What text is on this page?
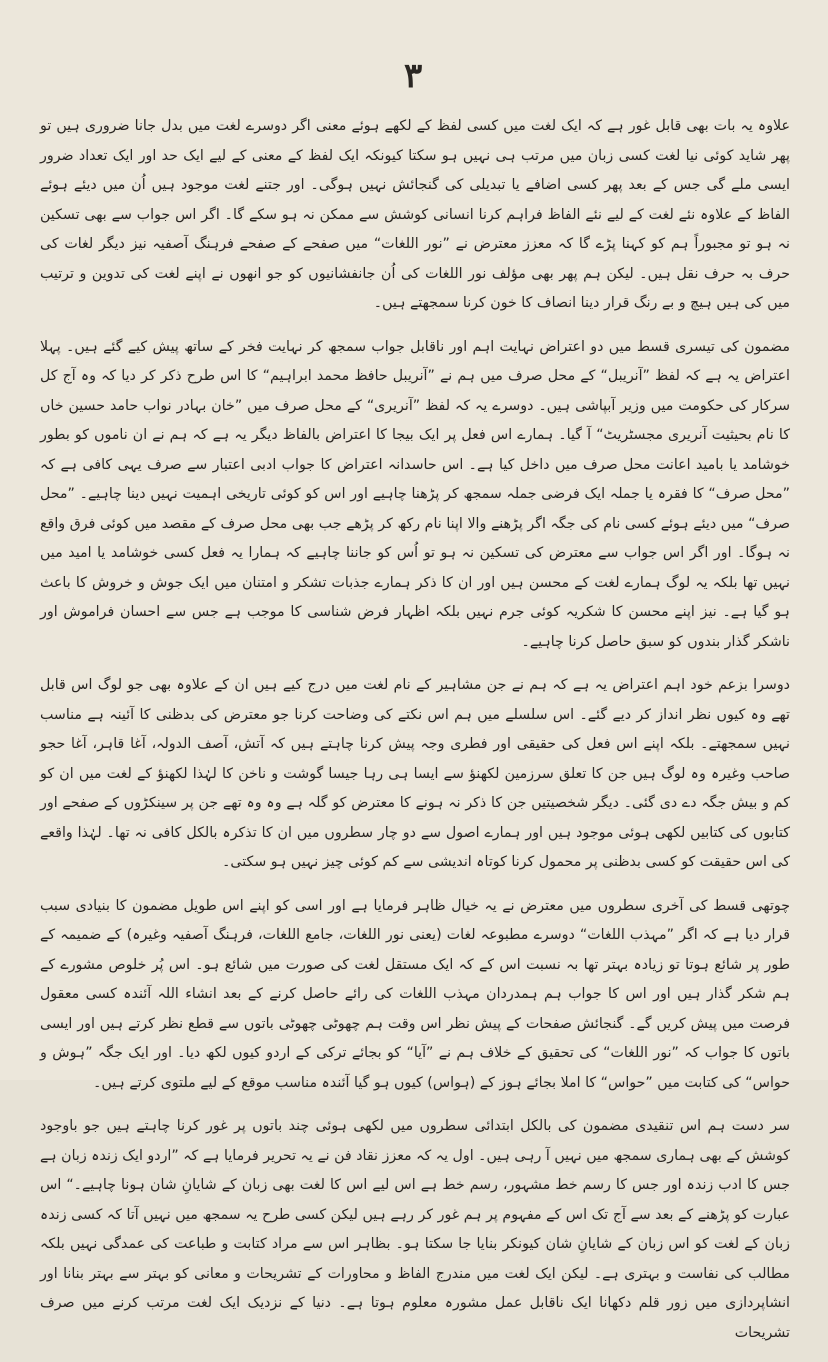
۳

علاوہ یہ بات بھی قابل غور ہے کہ ایک لغت میں کسی لفظ کے لکھے ہوئے معنی اگر دوسرے لغت میں بدل جانا ضروری ہیں تو پھر شاید کوئی نیا لغت کسی زبان میں مرتب ہی نہیں ہو سکتا کیونکہ ایک لفظ کے معنی کے لیے ایک حد اور ایک تعداد ضرور ایسی ملے گی جس کے بعد پھر کسی اضافے یا تبدیلی کی گنجائش نہیں ہوگی۔ اور جتنے لغت موجود ہیں اُن میں دیئے ہوئے الفاظ کے علاوہ نئے لغت کے لیے نئے الفاظ فراہم کرنا انسانی کوشش سے ممکن نہ ہو سکے گا۔ اگر اس جواب سے بھی تسکین نہ ہو تو مجبوراً ہم کو کہنا پڑے گا کہ معزز معترض نے ”نور اللغات“ میں صفحے کے صفحے فرہنگ آصفیہ نیز دیگر لغات کی حرف بہ حرف نقل ہیں۔ لیکن ہم پھر بھی مؤلف نور اللغات کی اُن جانفشانیوں کو جو انھوں نے اپنے لغت کی تدوین و ترتیب میں کی ہیں ہیچ و بے رنگ قرار دینا انصاف کا خون کرنا سمجھتے ہیں۔

مضمون کی تیسری قسط میں دو اعتراض نہایت اہم اور ناقابل جواب سمجھ کر نہایت فخر کے ساتھ پیش کیے گئے ہیں۔ پہلا اعتراض یہ ہے کہ لفظ ”آنریبل“ کے محل صرف میں ہم نے ”آنریبل حافظ محمد ابراہیم“ کا اس طرح ذکر کر دیا کہ وہ آج کل سرکار کی حکومت میں وزیر آبپاشی ہیں۔ دوسرے یہ کہ لفظ ”آنریری“ کے محل صرف میں ”خان بہادر نواب حامد حسین خاں کا نام بحیثیت آنریری مجسٹریٹ“ آ گیا۔ ہمارے اس فعل پر ایک بیجا کا اعتراض بالفاظ دیگر یہ ہے کہ ہم نے ان ناموں کو بطور خوشامد یا بامید اعانت محل صرف میں داخل کیا ہے۔ اس حاسدانہ اعتراض کا جواب ادبی اعتبار سے صرف یہی کافی ہے کہ ”محل صرف“ کا فقرہ یا جملہ ایک فرضی جملہ سمجھ کر پڑھنا چاہیے اور اس کو کوئی تاریخی اہمیت نہیں دینا چاہیے۔ ”محل صرف“ میں دیئے ہوئے کسی نام کی جگہ اگر پڑھنے والا اپنا نام رکھ کر پڑھے جب بھی محل صرف کے مقصد میں کوئی فرق واقع نہ ہوگا۔ اور اگر اس جواب سے معترض کی تسکین نہ ہو تو اُس کو جاننا چاہیے کہ ہمارا یہ فعل کسی خوشامد یا امید میں نہیں تھا بلکہ یہ لوگ ہمارے لغت کے محسن ہیں اور ان کا ذکر ہمارے جذبات تشکر و امتنان میں ایک جوش و خروش کا باعث ہو گیا ہے۔ نیز اپنے محسن کا شکریہ کوئی جرم نہیں بلکہ اظہار فرض شناسی کا موجب ہے جس سے احسان فراموش اور ناشکر گذار بندوں کو سبق حاصل کرنا چاہیے۔

دوسرا بزعم خود اہم اعتراض یہ ہے کہ ہم نے جن مشاہیر کے نام لغت میں درج کیے ہیں ان کے علاوہ بھی جو لوگ اس قابل تھے وہ کیوں نظر انداز کر دیے گئے۔ اس سلسلے میں ہم اس نکتے کی وضاحت کرنا جو معترض کی بدظنی کا آئینہ ہے مناسب نہیں سمجھتے۔ بلکہ اپنے اس فعل کی حقیقی اور فطری وجہ پیش کرنا چاہتے ہیں کہ آتش، آصف الدولہ، آغا قاہر، آغا حجو صاحب وغیرہ وہ لوگ ہیں جن کا تعلق سرزمین لکھنؤ سے ایسا ہی رہا جیسا گوشت و ناخن کا لہٰذا لکھنؤ کے لغت میں ان کو کم و بیش جگہ دے دی گئی۔ دیگر شخصیتیں جن کا ذکر نہ ہونے کا معترض کو گلہ ہے وہ وہ تھے جن پر سینکڑوں کے صفحے اور کتابوں کی کتابیں لکھی ہوئی موجود ہیں اور ہمارے اصول سے دو چار سطروں میں ان کا تذکرہ بالکل کافی نہ تھا۔ لہٰذا واقعے کی اس حقیقت کو کسی بدظنی پر محمول کرنا کوتاہ اندیشی سے کم کوئی چیز نہیں ہو سکتی۔

چوتھی قسط کی آخری سطروں میں معترض نے یہ خیال ظاہر فرمایا ہے اور اسی کو اپنے اس طویل مضمون کا بنیادی سبب قرار دیا ہے کہ اگر ”مہذب اللغات“ دوسرے مطبوعہ لغات (یعنی نور اللغات، جامع اللغات، فرہنگ آصفیہ وغیرہ) کے ضمیمہ کے طور پر شائع ہوتا تو زیادہ بہتر تھا بہ نسبت اس کے کہ ایک مستقل لغت کی صورت میں شائع ہو۔ اس پُر خلوص مشورے کے ہم شکر گذار ہیں اور اس کا جواب ہم ہمدردان مہذب اللغات کی رائے حاصل کرنے کے بعد انشاء اللہ آئندہ کسی معقول فرصت میں پیش کریں گے۔ گنجائش صفحات کے پیش نظر اس وقت ہم چھوٹی چھوٹی باتوں سے قطع نظر کرتے ہیں اور ایسی باتوں کا جواب کہ ”نور اللغات“ کی تحقیق کے خلاف ہم نے ”آیا“ کو بجائے ترکی کے اردو کیوں لکھ دیا۔ اور ایک جگہ ”ہوش و حواس“ کی کتابت میں ”حواس“ کا املا بجائے ہوز کے (ہواس) کیوں ہو گیا آئندہ مناسب موقع کے لیے ملتوی کرتے ہیں۔

سر دست ہم اس تنقیدی مضمون کی بالکل ابتدائی سطروں میں لکھی ہوئی چند باتوں پر غور کرنا چاہتے ہیں جو باوجود کوشش کے بھی ہماری سمجھ میں نہیں آ رہی ہیں۔ اول یہ کہ معزز نقاد فن نے یہ تحریر فرمایا ہے کہ ”اردو ایک زندہ زبان ہے جس کا ادب زندہ اور جس کا رسم خط مشہور، رسم خط ہے اس لیے اس کا لغت بھی زبان کے شایانِ شان ہونا چاہیے۔“ اس عبارت کو پڑھنے کے بعد سے آج تک اس کے مفہوم پر ہم غور کر رہے ہیں لیکن کسی طرح یہ سمجھ میں نہیں آتا کہ کسی زندہ زبان کے لغت کو اس زبان کے شایانِ شان کیونکر بنایا جا سکتا ہو۔ بظاہر اس سے مراد کتابت و طباعت کی عمدگی نہیں بلکہ مطالب کی نفاست و بہتری ہے۔ لیکن ایک لغت میں مندرج الفاظ و محاورات کے تشریحات و معانی کو بہتر سے بہتر بنانا اور انشاپردازی میں زور قلم دکھانا ایک ناقابل عمل مشورہ معلوم ہوتا ہے۔ دنیا کے نزدیک ایک لغت مرتب کرنے میں صرف تشریحات
